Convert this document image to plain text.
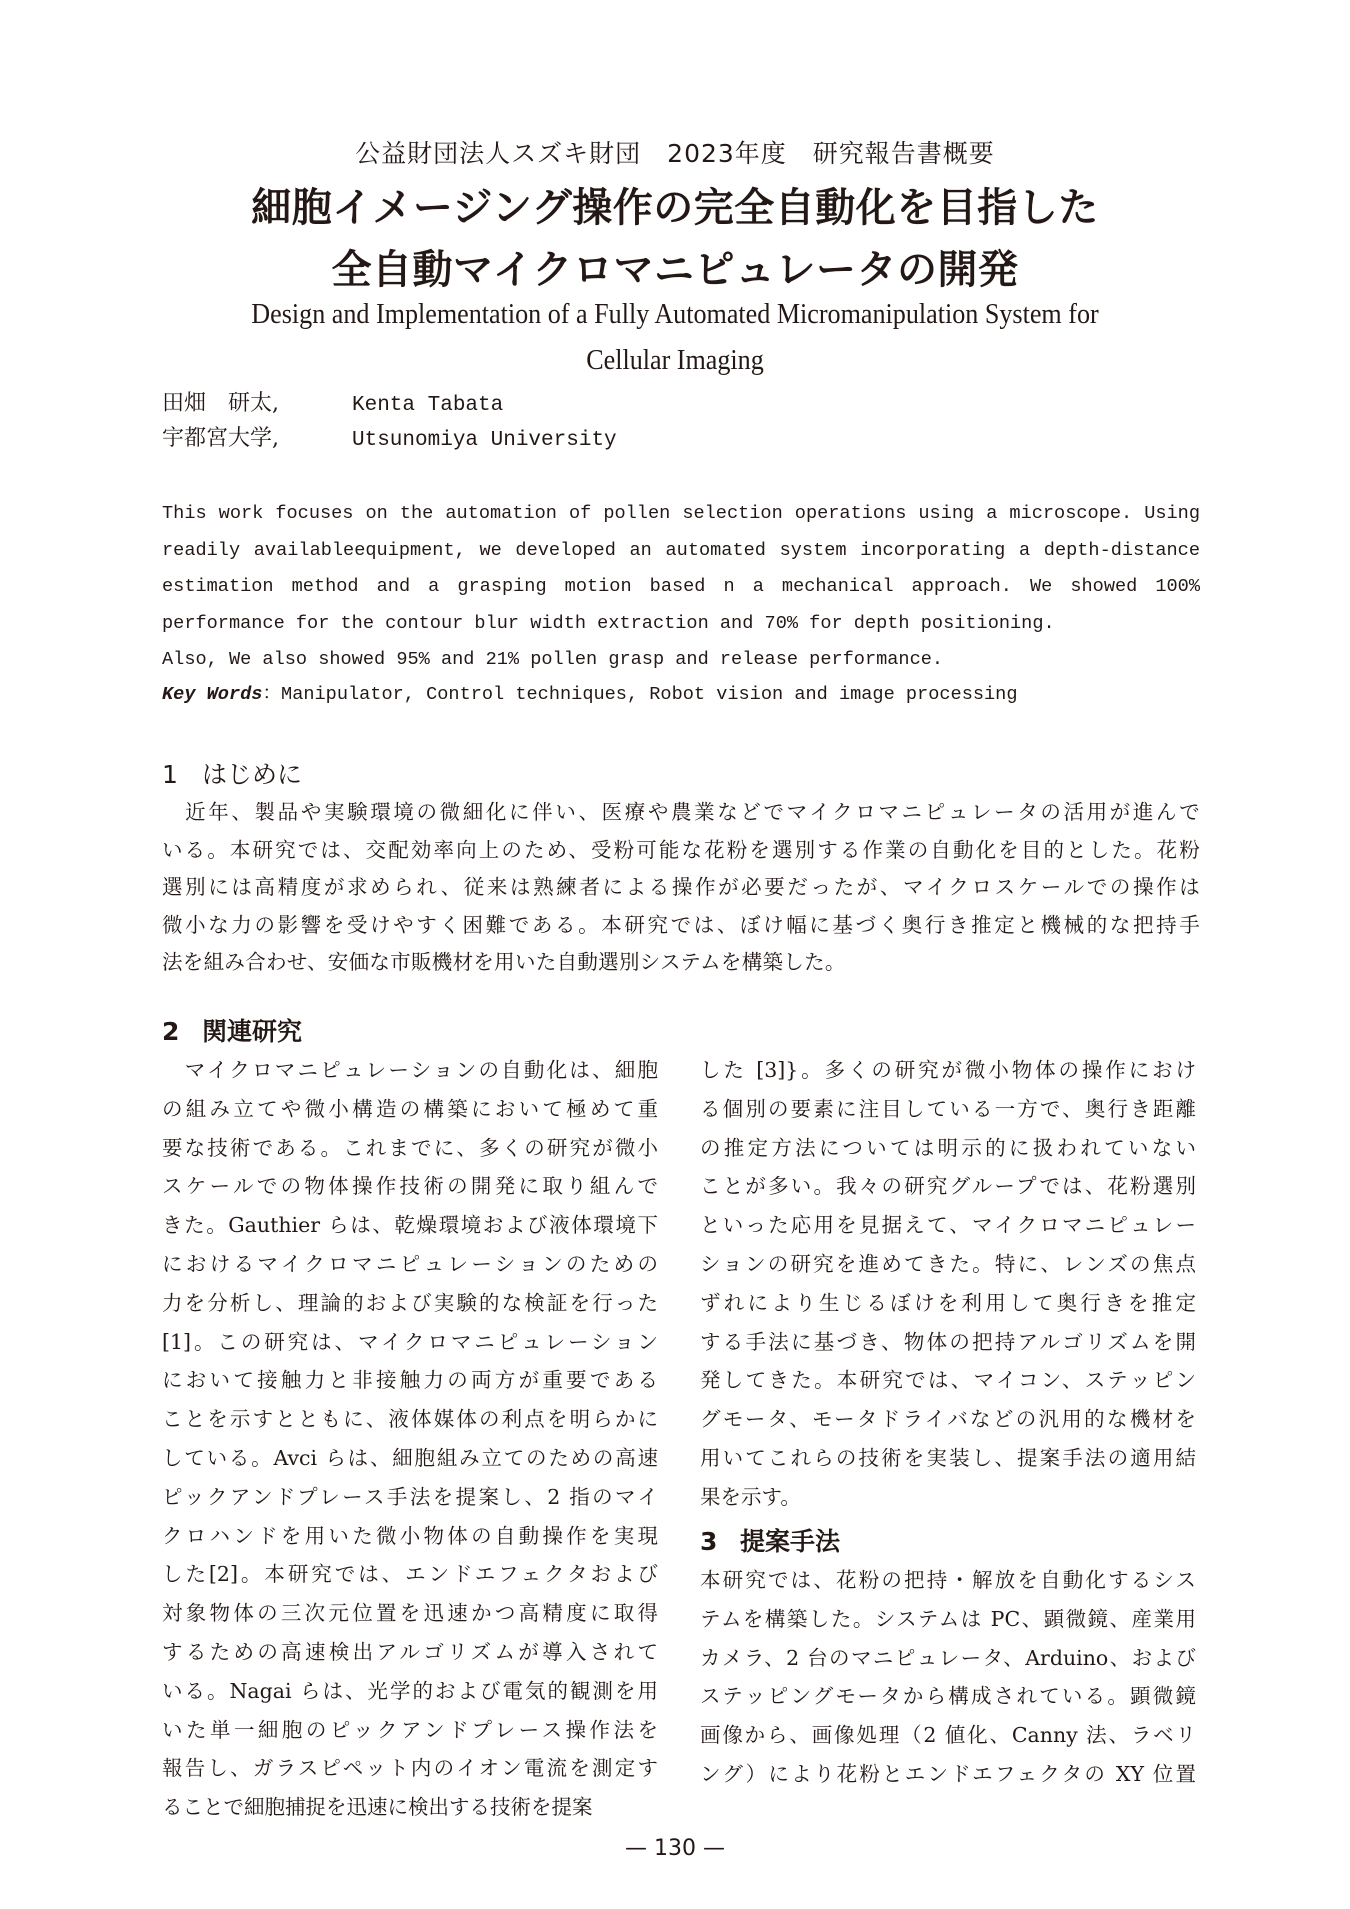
公益財団法人スズキ財団　2023年度　研究報告書概要
細胞イメージング操作の完全自動化を目指した
全自動マイクロマニピュレータの開発
Design and Implementation of a Fully Automated Micromanipulation System for
Cellular Imaging
田畑　研太,	Kenta Tabata
宇都宮大学,	Utsunomiya University
This work focuses on the automation of pollen selection operations using a microscope. Using
readily availableequipment, we developed an automated system incorporating a depth-distance
estimation method and a grasping motion based n a mechanical approach. We showed 100%
performance for the contour blur width extraction and 70% for depth positioning.
Also, We also showed 95% and 21% pollen grasp and release performance.
Key Words：Manipulator, Control techniques, Robot vision and image processing
1 はじめに
　近年、製品や実験環境の微細化に伴い、医療や農業などでマイクロマニピュレータの活用が進んで
いる。本研究では、交配効率向上のため、受粉可能な花粉を選別する作業の自動化を目的とした。花粉
選別には高精度が求められ、従来は熟練者による操作が必要だったが、マイクロスケールでの操作は
微小な力の影響を受けやすく困難である。本研究では、ぼけ幅に基づく奥行き推定と機械的な把持手
法を組み合わせ、安価な市販機材を用いた自動選別システムを構築した。
2 関連研究
　マイクロマニピュレーションの自動化は、細胞
の組み立てや微小構造の構築において極めて重
要な技術である。これまでに、多くの研究が微小
スケールでの物体操作技術の開発に取り組んで
きた。Gauthier らは、乾燥環境および液体環境下
におけるマイクロマニピュレーションのための
力を分析し、理論的および実験的な検証を行った
[1]。この研究は、マイクロマニピュレーション
において接触力と非接触力の両方が重要である
ことを示すとともに、液体媒体の利点を明らかに
している。Avci らは、細胞組み立てのための高速
ピックアンドプレース手法を提案し、2 指のマイ
クロハンドを用いた微小物体の自動操作を実現
した[2]。本研究では、エンドエフェクタおよび
対象物体の三次元位置を迅速かつ高精度に取得
するための高速検出アルゴリズムが導入されて
いる。Nagai らは、光学的および電気的観測を用
いた単一細胞のピックアンドプレース操作法を
報告し、ガラスピペット内のイオン電流を測定す
ることで細胞捕捉を迅速に検出する技術を提案
した [3]}。多くの研究が微小物体の操作におけ
る個別の要素に注目している一方で、奥行き距離
の推定方法については明示的に扱われていない
ことが多い。我々の研究グループでは、花粉選別
といった応用を見据えて、マイクロマニピュレー
ションの研究を進めてきた。特に、レンズの焦点
ずれにより生じるぼけを利用して奥行きを推定
する手法に基づき、物体の把持アルゴリズムを開
発してきた。本研究では、マイコン、ステッピン
グモータ、モータドライバなどの汎用的な機材を
用いてこれらの技術を実装し、提案手法の適用結
果を示す。
3 提案手法
本研究では、花粉の把持・解放を自動化するシス
テムを構築した。システムは PC、顕微鏡、産業用
カメラ、2 台のマニピュレータ、Arduino、および
ステッピングモータから構成されている。顕微鏡
画像から、画像処理（2 値化、Canny 法、ラベリ
ング）により花粉とエンドエフェクタの XY 位置
— 130 —
